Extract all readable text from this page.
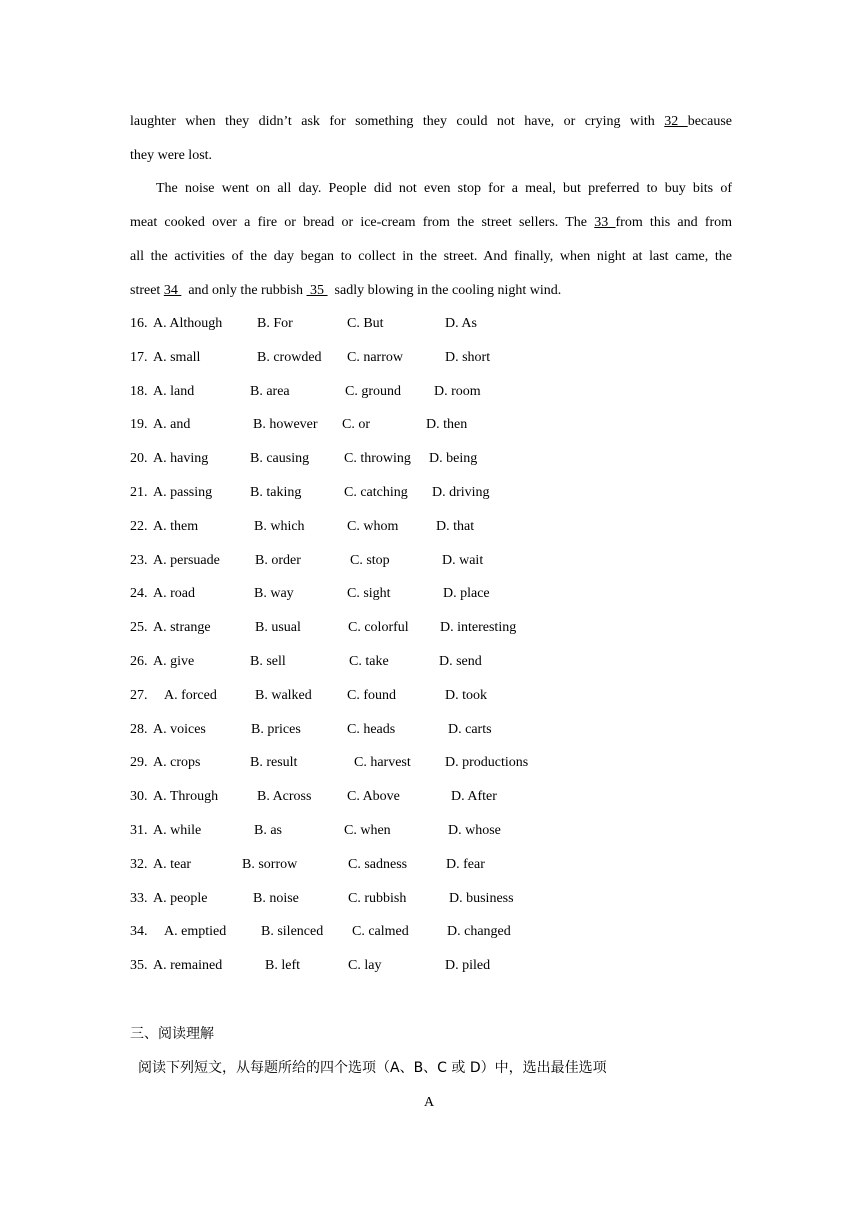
laughter when they didn’t ask for something they could not have, or crying with 32 because
they were lost.
The noise went on all day. People did not even stop for a meal, but preferred to buy bits of
meat cooked over a fire or bread or ice-cream from the street sellers. The 33 from this and from
all the activities of the day began to collect in the street. And finally, when night at last came, the
street 34   and only the rubbish  35   sadly blowing in the cooling night wind.
16. A. Although B. For	C. But	D. As
17. A. small	B. crowded C. narrow	D. short
18. A. land	B. area	C. ground D. room
19. A. and	B. however C. or	D. then
20. A. having	B. causing C. throwing D. being
21. A. passing	B. taking	C. catching D. driving
22. A. them	B. which	C. whom	D. that
23. A. persuade	B. order	C. stop	D. wait
24. A. road	B. way	C. sight	D. place
25. A. strange	B. usual	C. colorful D. interesting
26. A. give	B. sell	C. take	D. send
27. A. forced	B. walked	C. found	D. took
28. A. voices	B. prices	C. heads	D. carts
29. A. crops	B. result	C. harvest D. productions
30. A. Through	B. Across	C. Above	D. After
31. A. while	B. as	C. when	D. whose
32. A. tear	B. sorrow	C. sadness	D. fear
33. A. people	B. noise	C. rubbish	D. business
34. A. emptied B. silenced C. calmed	D. changed
35. A. remained	B. left	C. lay	D. piled
三、阅读理解
阅读下列短文，从每题所给的四个选项（A、B、C 或 D）中，选出最佳选项
A
